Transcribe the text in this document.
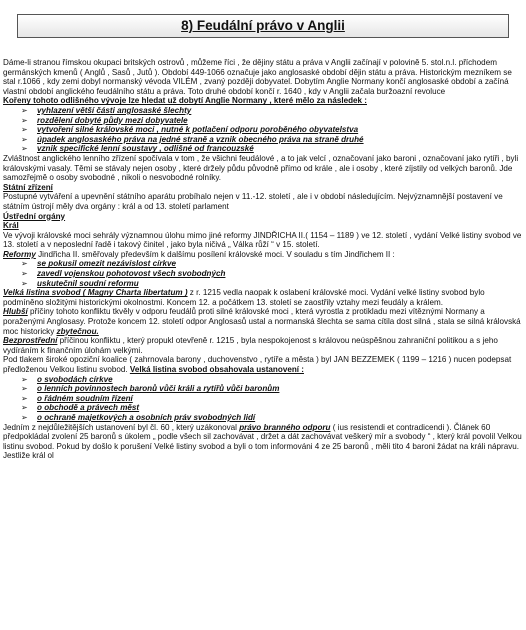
8) Feudální právo v Anglii

Dáme-li stranou římskou okupaci britských ostrovů , můžeme říci , že dějiny státu a práva v Anglii začínají v polovině 5. stol.n.l. příchodem germánských kmenů ( Anglů , Sasů , Jutů ). Období 449-1066 označuje jako anglosaské období dějin státu a práva. Historickým mezníkem se stal r.1066 , kdy zemi dobyl normanský vévoda VILÉM , zvaný později dobyvatel. Dobytím Anglie Normany končí anglosaské období a začíná vlastní období anglického feudálního státu a práva. Toto druhé období končí r. 1640 , kdy v Anglii začala buržoazní revoluce

Kořeny tohoto odlišného vývoje lze hledat už dobytí Anglie Normany , které mělo za následek :

➢ vyhlazení větší části anglosaské šlechty
➢ rozdělení dobyté půdy mezi dobyvatele
➢ vytvoření silné královské moci , nutné k potlačení odporu poroběného obyvatelstva
➢ úpadek anglosaského práva na jedné straně a vznik obecného práva na straně druhé
➢ vznik specifické lenní soustavy , odlišné od francouzské

Zvláštnost anglického lenního zřízení spočívala v tom , že všichni feudálové , a to jak velcí , označovaní jako baroni , označovaní jako rytíři , byli královskými vasaly. Těmi se stávaly nejen osoby , které držely půdu původně přímo od krále , ale i osoby , které zíjstily od velkých baronů. Jde samozřejmě o osoby svobodné , nikoli o nesvobodné rolníky.

Státní zřízení

Postupné vytváření a upevnění státního aparátu probíhalo nejen v 11.-12. století , ale i v období následujícím. Nejvýznamnější postavení ve státním ústrojí měly dva orgány : král a od 13. století parlament

Ústřední orgány

Král

Ve vývoji královské moci sehrály významnou úlohu mimo jiné reformy JINDŘICHA II.( 1154 – 1189 ) ve 12. století , vydání Velké listiny svobod ve 13. století a v neposlední řadě i takový činitel , jako byla ničivá „ Válka růží “ v 15. století.

Reformy Jindřicha II. směřovaly především k dalšímu posílení královské moci. V souladu s tím Jindřichem II :

➢ se pokusil omezit nezávislost církve
➢ zavedl vojenskou pohotovost všech svobodných
➢ uskutečnil soudní reformu

Velká listina svobod ( Magny Charta libertatum ) z r. 1215 vedla naopak k oslabení královské moci. Vydání velké listiny svobod bylo podmíněno složitými historickými okolnostmi. Koncem 12. a počátkem 13. století se zaostřily vztahy mezi feudály a králem.

Hlubší příčiny tohoto konfliktu tkvěly v odporu feudálů proti silné královské moci , která vyrostla z protikladu mezi vítěznými Normany a poraženými Anglosasy. Protože koncem 12. století odpor Anglosasů ustal a normanská šlechta se sama cítila dost silná , stala se silná královská moc historicky zbytečnou.

Bezprostřední příčinou konfliktu , který propukl otevřeně r. 1215 , byla nespokojenost s královou neúspěšnou zahraniční politikou a s jeho vydíráním k finančním úlohám velkými.

Pod tlakem široké opoziční koalice ( zahrnovala barony , duchovenstvo , rytíře a města ) byl JAN BEZZEMEK ( 1199 – 1216 ) nucen podepsat předloženou Velkou listinu svobod. Velká listina svobod obsahovala ustanovení :

➢ o svobodách církve
➢ o lenních povinnostech baronů vůči králi a rytířů vůči baronům
➢ o řádném soudním řízení
➢ o obchodě a právech měst
➢ o ochraně majetkových a osobních práv svobodných lidí

Jedním z nejdůležitějších ustanovení byl čl. 60 , který uzákonoval právo branného odporu ( ius resistendi et contradicendi ). Článek 60 předpokládal zvolení 25 baronů s úkolem „ podle všech sil zachovávat , držet a dát zachovávat veškerý mír a svobody “ , který král povolil Velkou listinu svobod. Pokud by došlo k porušení Velké listiny svobod a byli o tom informováni 4 ze 25 baronů , měli tito 4 baroni žádat na králi nápravu. Jestliže král ol
